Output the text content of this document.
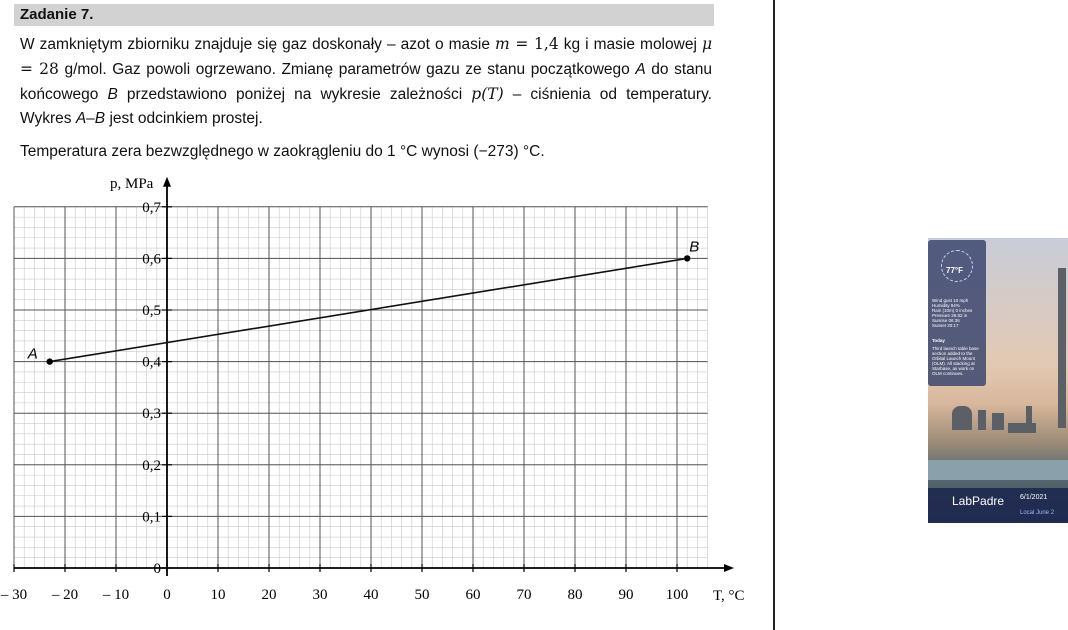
Zadanie 7.
W zamkniętym zbiorniku znajduje się gaz doskonały – azot o masie m = 1,4 kg i masie molowej μ = 28 g/mol. Gaz powoli ogrzewano. Zmianę parametrów gazu ze stanu początkowego A do stanu końcowego B przedstawiono poniżej na wykresie zależności p(T) – ciśnienia od temperatury. Wykres A–B jest odcinkiem prostej.
Temperatura zera bezwzględnego w zaokrągleniu do 1 °C wynosi (−273) °C.
0
0,1
0,2
0,3
0,4
0,5
0,6
0,7
– 30 – 20 – 10 0	10 20 30 40 50 60 70 80 90 100
A
B
p, MPa
T, °C
77°F
Wind gust 10 mph
Humidity 94%
Rain (10m) 0 inches
Pressure 29.82 in
Sunrise 06:36
Sunset 20:17
Today
Third launch table base section added to the Orbital Launch Mount (OLM). All stacking at Starbase, as work on OLM continues.
LabPadre 6/1/2021
Local June 2
